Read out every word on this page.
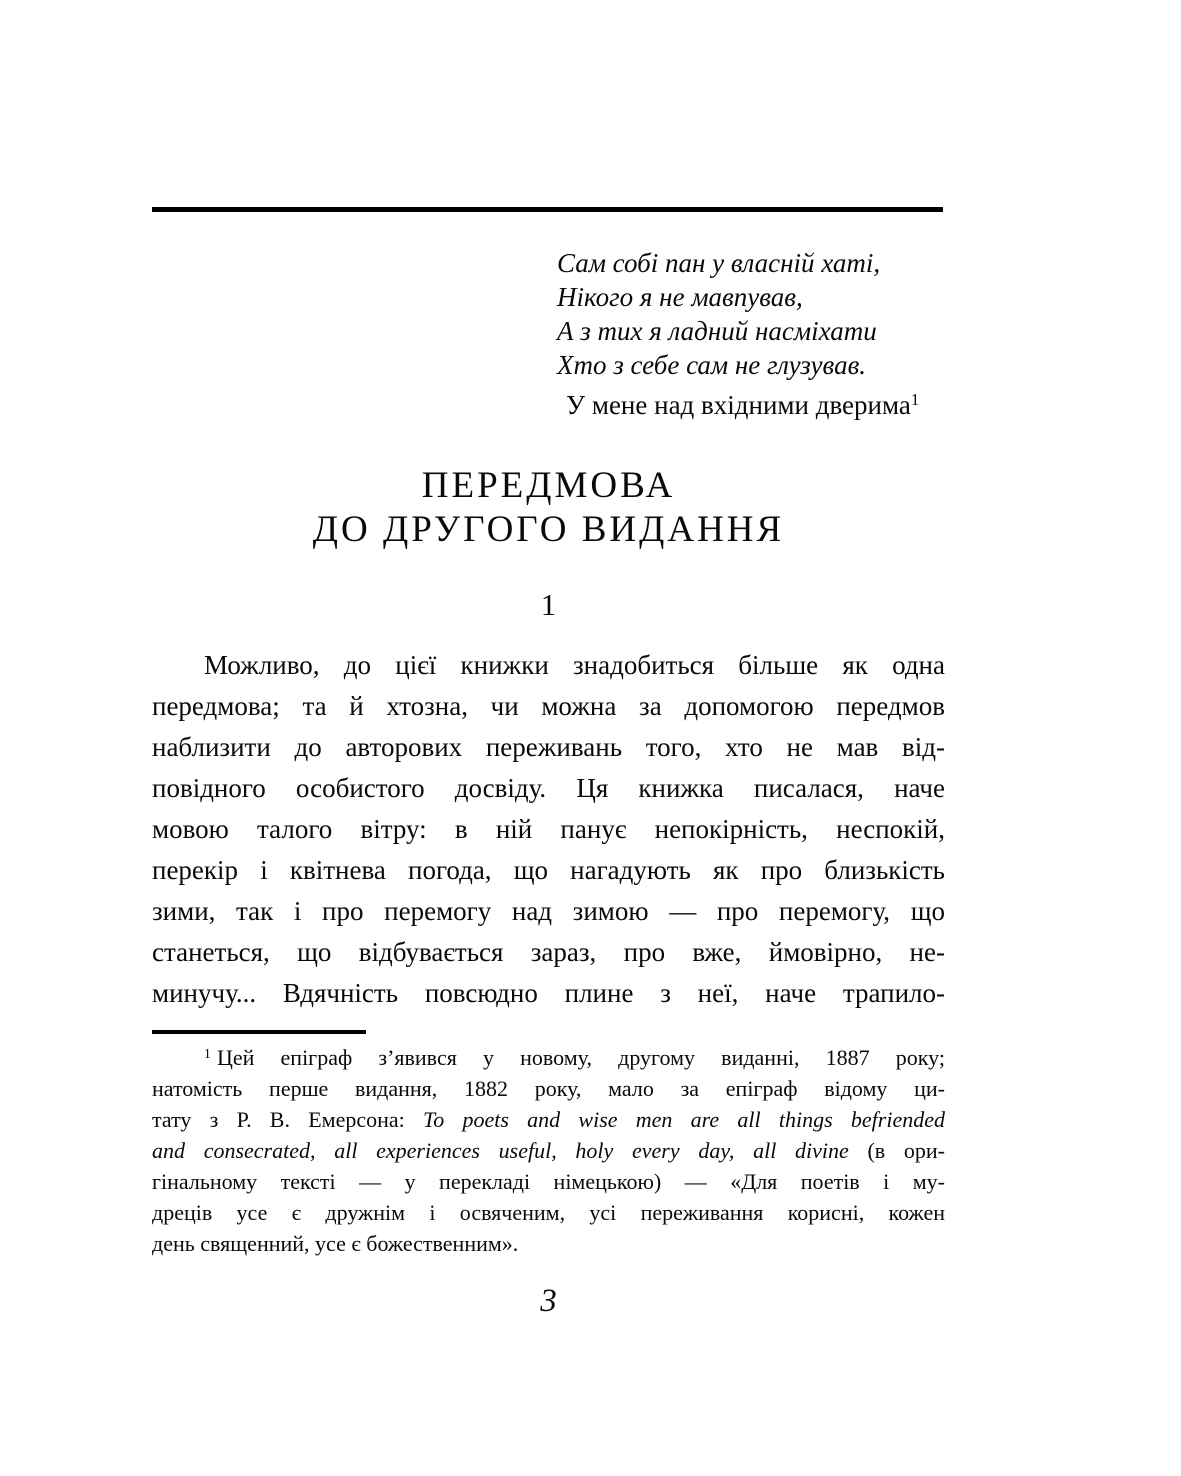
Сам собі пан у власній хаті,
Нікого я не мавпував,
А з тих я ладний насміхати
Хто з себе сам не глузував.
У мене над вхідними дверима$^1$
ПЕРЕДМОВА
ДО ДРУГОГО ВИДАННЯ
1
Можливо, до цієї книжки знадобиться більше як одна
передмова; та й хтозна, чи можна за допомогою передмов
наблизити до авторових переживань того, хто не мав від-
повідного особистого досвіду. Ця книжка писалася, наче
мовою талого вітру: в ній панує непокірність, неспокій,
перекір і квітнева погода, що нагадують як про близькість
зими, так і про перемогу над зимою — про перемогу, що
станеться, що відбувається зараз, про вже, ймовірно, не-
минучу... Вдячність повсюдно плине з неї, наче трапило-
$^1$ Цей епіграф з’явився у новому, другому виданні, 1887 року;
натомість перше видання, 1882 року, мало за епіграф відому ци-
тату з Р. В. Емерсона: To poets and wise men are all things befriended
and consecrated, all experiences useful, holy every day, all divine (в ори-
гінальному тексті — у перекладі німецькою) — «Для поетів і му-
дреців усе є дружнім і освяченим, усі переживання корисні, кожен
день священний, усе є божественним».
3
